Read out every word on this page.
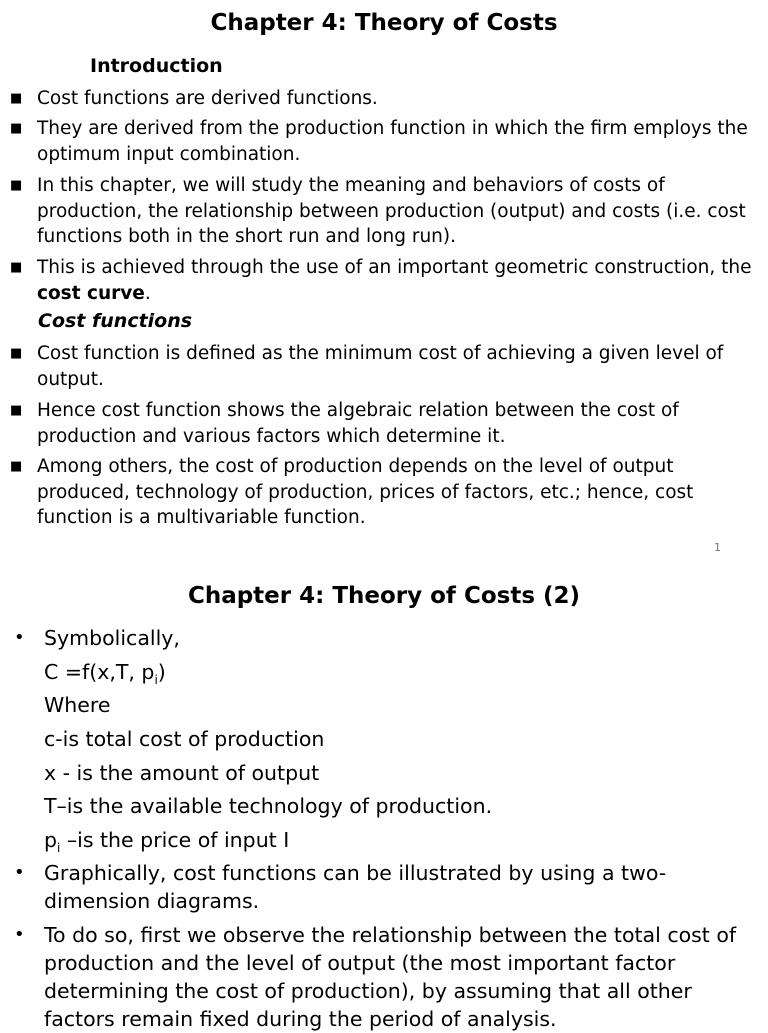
Chapter 4: Theory of Costs
Introduction
■ Cost functions are derived functions.
■ They are derived from the production function in which the firm employs the optimum input combination.
■ In this chapter, we will study the meaning and behaviors of costs of production, the relationship between production (output) and costs (i.e. cost functions both in the short run and long run).
■ This is achieved through the use of an important geometric construction, the cost curve.
Cost functions
■ Cost function is defined as the minimum cost of achieving a given level of output.
■ Hence cost function shows the algebraic relation between the cost of production and various factors which determine it.
■ Among others, the cost of production depends on the level of output produced, technology of production, prices of factors, etc.; hence, cost function is a multivariable function.
1
Chapter 4: Theory of Costs (2)
• Symbolically,
C =f(x,T, $p_i$)
Where
c-is total cost of production
x - is the amount of output
T–is the available technology of production.
$p_i$ –is the price of input I
• Graphically, cost functions can be illustrated by using a two-dimension diagrams.
• To do so, first we observe the relationship between the total cost of production and the level of output (the most important factor determining the cost of production), by assuming that all other factors remain fixed during the period of analysis.
